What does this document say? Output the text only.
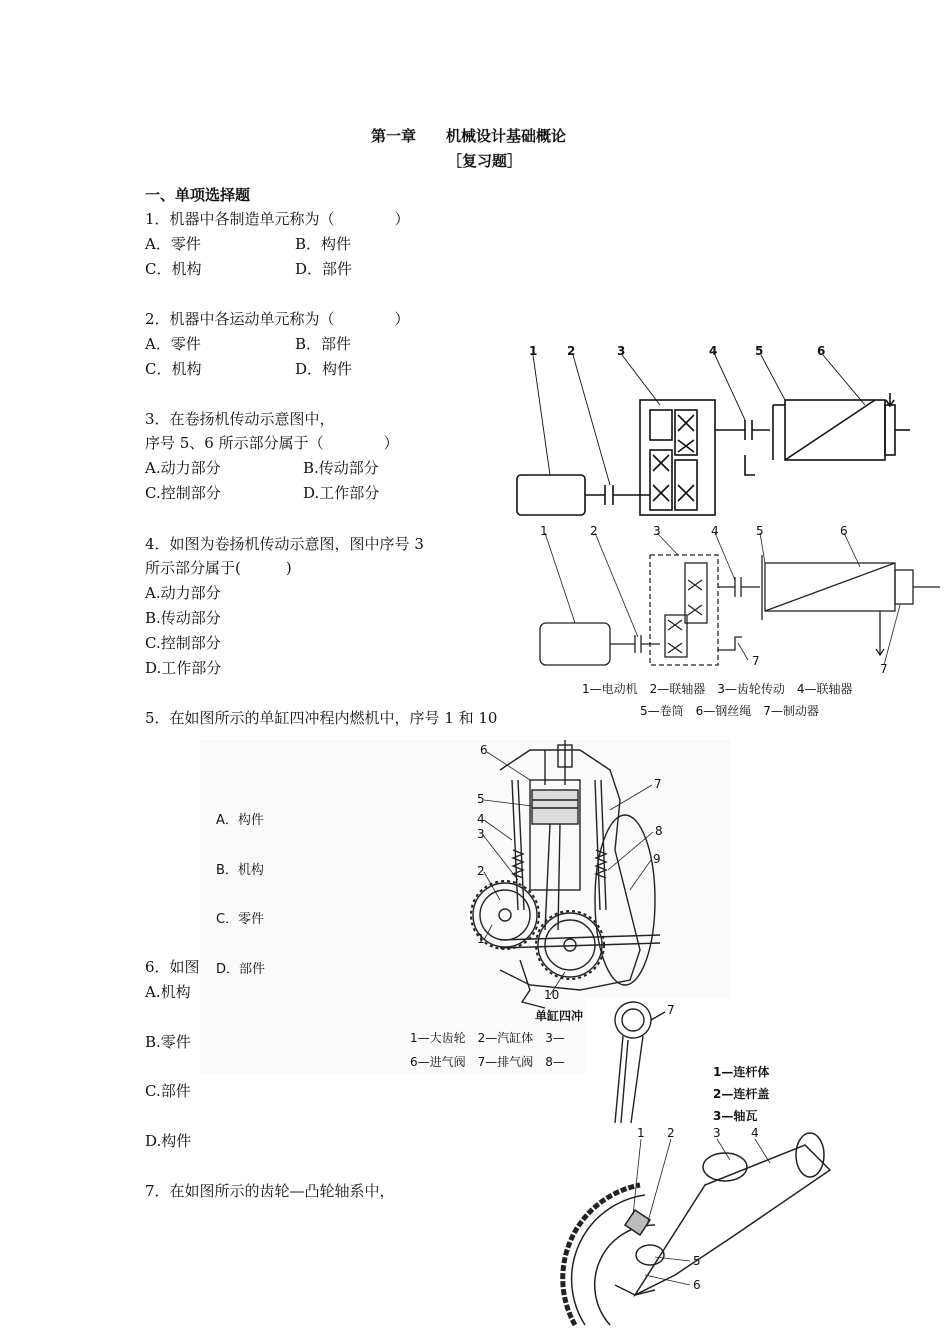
第一章 机械设计基础概论
［复习题］
一、单项选择题
1．机器中各制造单元称为（　　　　）
A．零件	B．构件
C．机构	D．部件
2．机器中各运动单元称为（　　　　）
A．零件	B．部件
C．机构	D．构件
3．在卷扬机传动示意图中，
序号 5、6 所示部分属于（　　　　）
A.动力部分	B.传动部分
C.控制部分	D.工作部分
4．如图为卷扬机传动示意图，图中序号 3
所示部分属于(　　　)
A.动力部分
B.传动部分
C.控制部分
D.工作部分
5．在如图所示的单缸四冲程内燃机中，序号 1 和 10
6
7
5
4
8
3
9
2
1
10
单缸四冲
1—大齿轮　2—汽缸体　3—
6—进气阀　7—排气阀　8—
A．构件
B．机构
C．零件
D．部件
6．如图
A.机构
B.零件
C.部件
D.构件
7．在如图所示的齿轮—凸轮轴系中，
1 2	3	4	5	6
1	2	3	4	5	6
7
7
1—电动机　2—联轴器　3—齿轮传动　4—联轴器
5—卷筒　6—钢丝绳　7—制动器
7
1—连杆体
2—连杆盖
3—轴瓦
1 2	3	4
5
6
